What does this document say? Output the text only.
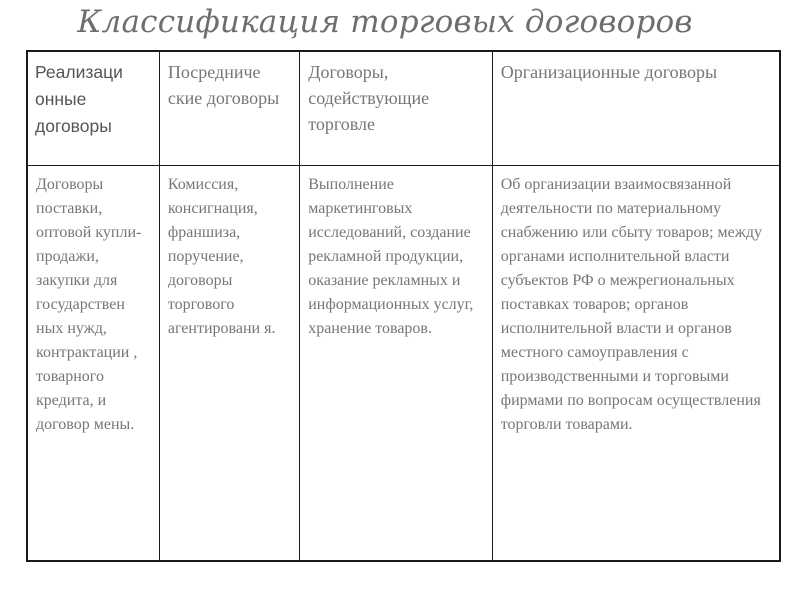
Классификация торговых договоров
Реализаци онные договоры	Посредниче ские договоры	Договоры, содействующие торговле	Организационные договоры
Договоры поставки, оптовой купли-продажи, закупки для государствен ных нужд, контрактации , товарного кредита, и договор мены.	Комиссия, консигнация, франшиза, поручение, договоры торгового агентировани я.	Выполнение маркетинговых исследований, создание рекламной продукции, оказание рекламных и информационных услуг, хранение товаров.	Об организации взаимосвязанной деятельности по материальному снабжению или сбыту товаров; между органами исполнительной власти субъектов РФ о межрегиональных поставках товаров; органов исполнительной власти и органов местного самоуправления с производственными и торговыми фирмами по вопросам осуществления торговли товарами.
